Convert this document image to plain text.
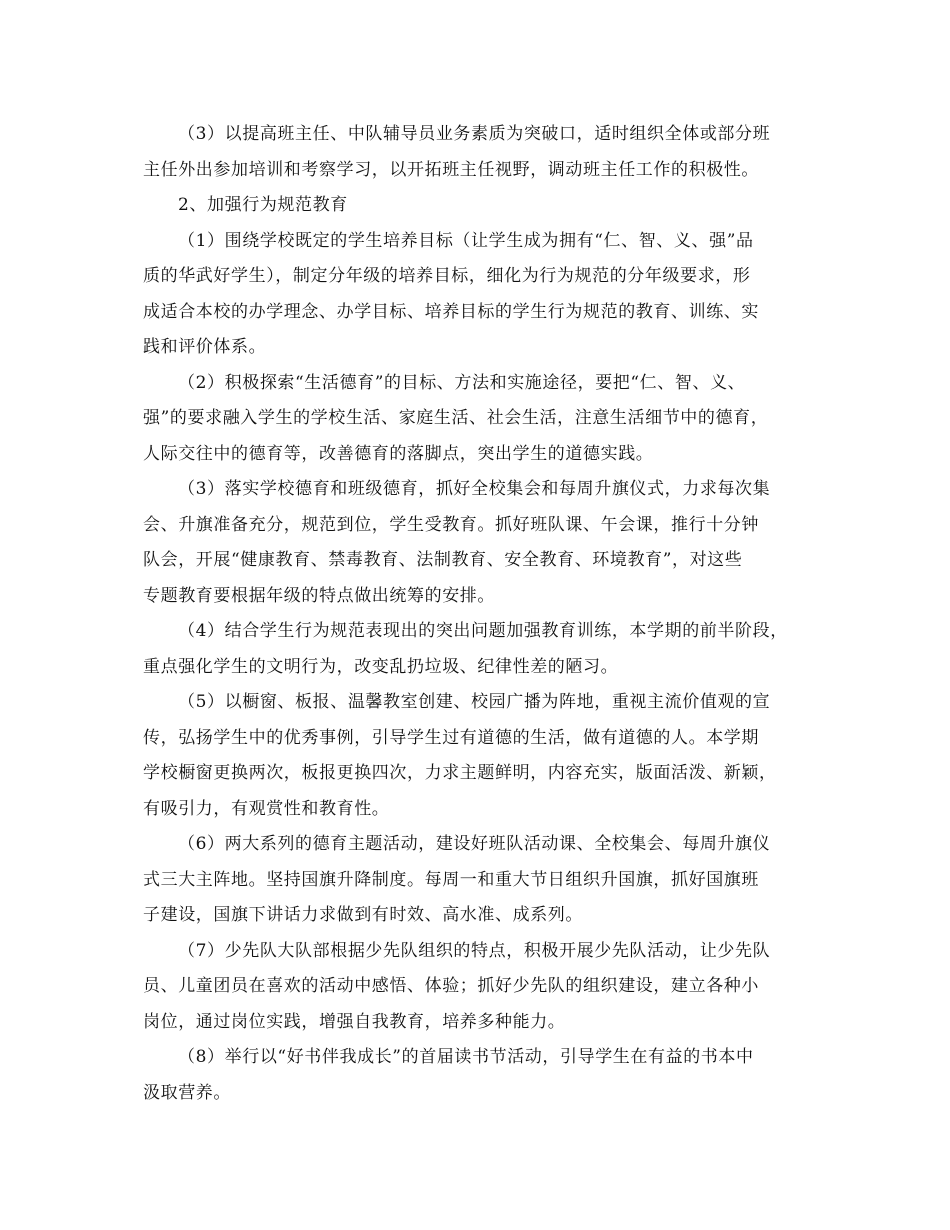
（3）以提高班主任、中队辅导员业务素质为突破口，适时组织全体或部分班
主任外出参加培训和考察学习，以开拓班主任视野，调动班主任工作的积极性。
2、加强行为规范教育
（1）围绕学校既定的学生培养目标（让学生成为拥有“仁、智、义、强”品
质的华武好学生），制定分年级的培养目标，细化为行为规范的分年级要求，形
成适合本校的办学理念、办学目标、培养目标的学生行为规范的教育、训练、实
践和评价体系。
（2）积极探索“生活德育”的目标、方法和实施途径，要把“仁、智、义、
强”的要求融入学生的学校生活、家庭生活、社会生活，注意生活细节中的德育，
人际交往中的德育等，改善德育的落脚点，突出学生的道德实践。
（3）落实学校德育和班级德育，抓好全校集会和每周升旗仪式，力求每次集
会、升旗准备充分，规范到位，学生受教育。抓好班队课、午会课，推行十分钟
队会，开展“健康教育、禁毒教育、法制教育、安全教育、环境教育”，对这些
专题教育要根据年级的特点做出统筹的安排。
（4）结合学生行为规范表现出的突出问题加强教育训练，本学期的前半阶段，
重点强化学生的文明行为，改变乱扔垃圾、纪律性差的陋习。
（5）以橱窗、板报、温馨教室创建、校园广播为阵地，重视主流价值观的宣
传，弘扬学生中的优秀事例，引导学生过有道德的生活，做有道德的人。本学期
学校橱窗更换两次，板报更换四次，力求主题鲜明，内容充实，版面活泼、新颖，
有吸引力，有观赏性和教育性。
（6）两大系列的德育主题活动，建设好班队活动课、全校集会、每周升旗仪
式三大主阵地。坚持国旗升降制度。每周一和重大节日组织升国旗，抓好国旗班
子建设，国旗下讲话力求做到有时效、高水准、成系列。
（7）少先队大队部根据少先队组织的特点，积极开展少先队活动，让少先队
员、儿童团员在喜欢的活动中感悟、体验；抓好少先队的组织建设，建立各种小
岗位，通过岗位实践，增强自我教育，培养多种能力。
（8）举行以“好书伴我成长”的首届读书节活动，引导学生在有益的书本中
汲取营养。
